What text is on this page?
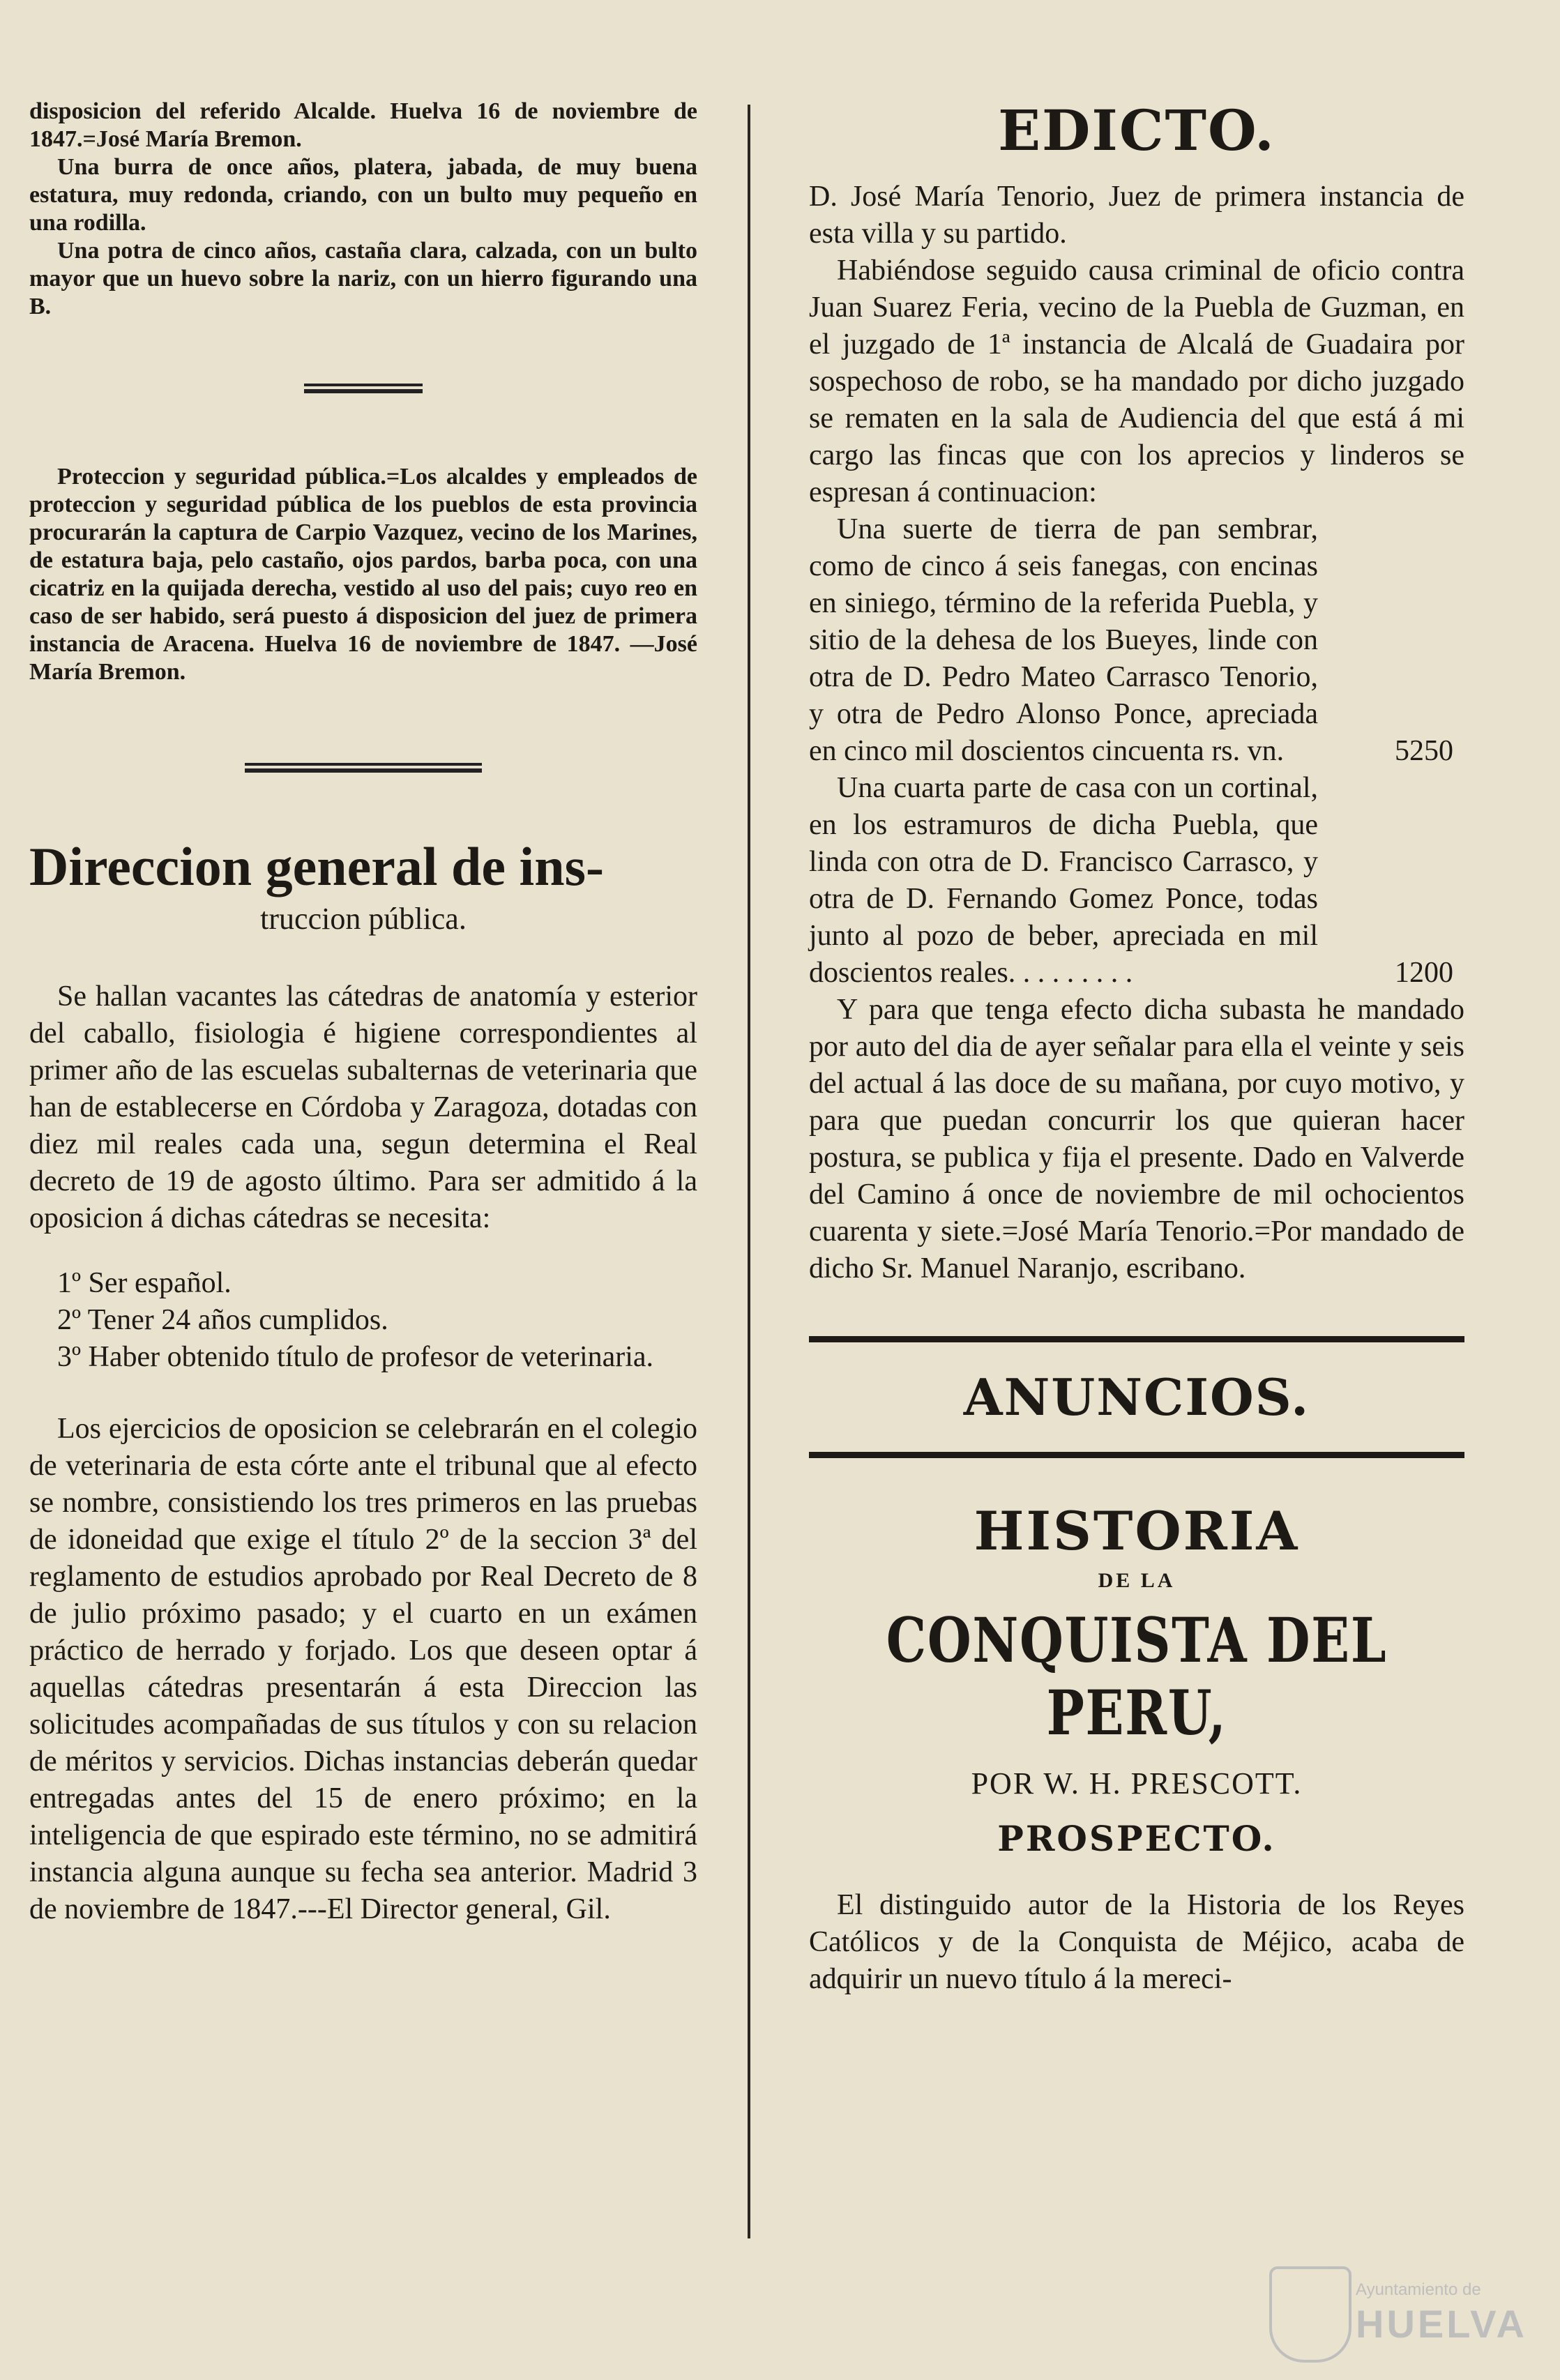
disposicion del referido Alcalde. Huelva 16 de noviembre de 1847.=José María Bremon.

Una burra de once años, platera, jabada, de muy buena estatura, muy redonda, criando, con un bulto muy pequeño en una rodilla.

Una potra de cinco años, castaña clara, calzada, con un bulto mayor que un huevo sobre la nariz, con un hierro figurando una B.

Proteccion y seguridad pública.=Los alcaldes y empleados de proteccion y seguridad pública de los pueblos de esta provincia procurarán la captura de Carpio Vazquez, vecino de los Marines, de estatura baja, pelo castaño, ojos pardos, barba poca, con una cicatriz en la quijada derecha, vestido al uso del pais; cuyo reo en caso de ser habido, será puesto á disposicion del juez de primera instancia de Aracena. Huelva 16 de noviembre de 1847. —José María Bremon.

Direccion general de ins-
truccion pública.

Se hallan vacantes las cátedras de anatomía y esterior del caballo, fisiologia é higiene correspondientes al primer año de las escuelas subalternas de veterinaria que han de establecerse en Córdoba y Zaragoza, dotadas con diez mil reales cada una, segun determina el Real decreto de 19 de agosto último. Para ser admitido á la oposicion á dichas cátedras se necesita:

1º Ser español.
2º Tener 24 años cumplidos.
3º Haber obtenido título de profesor de veterinaria.

Los ejercicios de oposicion se celebrarán en el colegio de veterinaria de esta córte ante el tribunal que al efecto se nombre, consistiendo los tres primeros en las pruebas de idoneidad que exige el título 2º de la seccion 3ª del reglamento de estudios aprobado por Real Decreto de 8 de julio próximo pasado; y el cuarto en un exámen práctico de herrado y forjado. Los que deseen optar á aquellas cátedras presentarán á esta Direccion las solicitudes acompañadas de sus títulos y con su relacion de méritos y servicios. Dichas instancias deberán quedar entregadas antes del 15 de enero próximo; en la inteligencia de que espirado este término, no se admitirá instancia alguna aunque su fecha sea anterior. Madrid 3 de noviembre de 1847.---El Director general, Gil.

EDICTO.

D. José María Tenorio, Juez de primera instancia de esta villa y su partido.

Habiéndose seguido causa criminal de oficio contra Juan Suarez Feria, vecino de la Puebla de Guzman, en el juzgado de 1ª instancia de Alcalá de Guadaira por sospechoso de robo, se ha mandado por dicho juzgado se rematen en la sala de Audiencia del que está á mi cargo las fincas que con los aprecios y linderos se espresan á continuacion:

Una suerte de tierra de pan sembrar, como de cinco á seis fanegas, con encinas en siniego, término de la referida Puebla, y sitio de la dehesa de los Bueyes, linde con otra de D. Pedro Mateo Carrasco Tenorio, y otra de Pedro Alonso Ponce, apreciada en cinco mil doscientos cincuenta rs. vn.	5250
Una cuarta parte de casa con un cortinal, en los estramuros de dicha Puebla, que linda con otra de D. Francisco Carrasco, y otra de D. Fernando Gomez Ponce, todas junto al pozo de beber, apreciada en mil doscientos reales. . . . . . . . .	1200

Y para que tenga efecto dicha subasta he mandado por auto del dia de ayer señalar para ella el veinte y seis del actual á las doce de su mañana, por cuyo motivo, y para que puedan concurrir los que quieran hacer postura, se publica y fija el presente. Dado en Valverde del Camino á once de noviembre de mil ochocientos cuarenta y siete.=José María Tenorio.=Por mandado de dicho Sr. Manuel Naranjo, escribano.

ANUNCIOS.
HISTORIA
DE LA
CONQUISTA DEL PERU,
POR W. H. PRESCOTT.
PROSPECTO.

El distinguido autor de la Historia de los Reyes Católicos y de la Conquista de Méjico, acaba de adquirir un nuevo título á la mereci-

Ayuntamiento de
HUELVA
